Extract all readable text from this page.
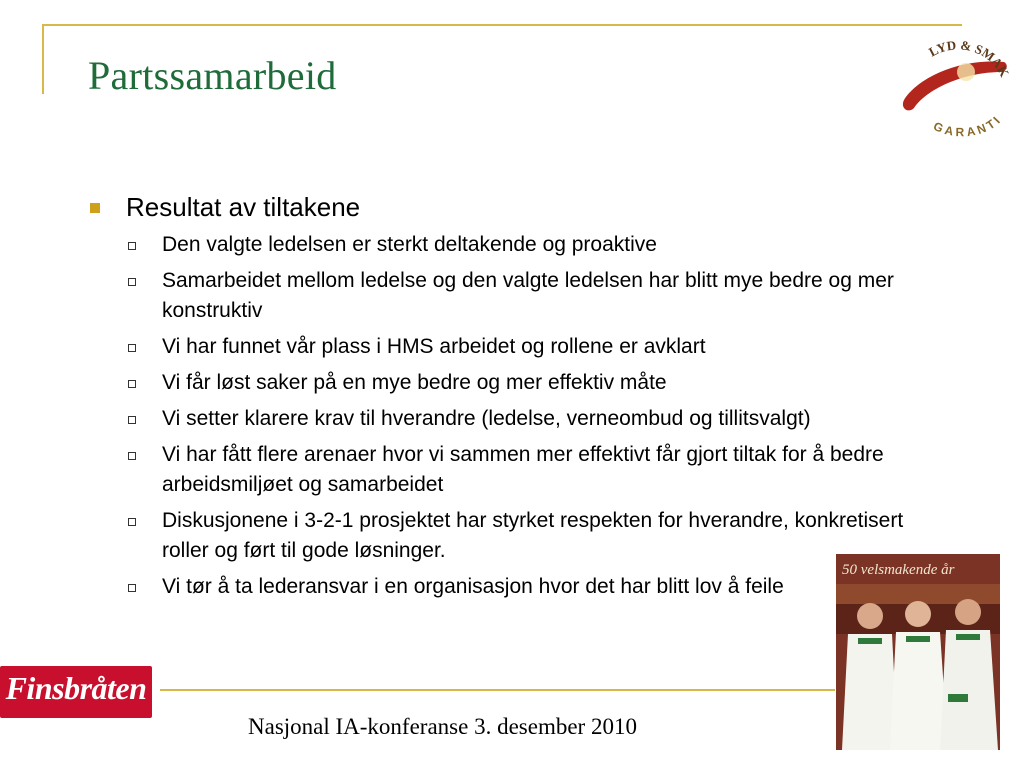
Partssamarbeid
LYD & SMAK
GARANTI
Resultat av tiltakene
Den valgte ledelsen er sterkt deltakende og proaktive
Samarbeidet mellom ledelse og den valgte ledelsen har blitt mye bedre og mer konstruktiv
Vi har funnet vår plass i HMS arbeidet og rollene er avklart
Vi får løst saker på en mye bedre og mer effektiv måte
Vi setter klarere krav til hverandre (ledelse, verneombud og tillitsvalgt)
Vi har fått flere arenaer hvor vi sammen mer effektivt får gjort tiltak for å bedre arbeidsmiljøet og samarbeidet
Diskusjonene i 3-2-1 prosjektet har styrket respekten for hverandre, konkretisert roller og ført til gode løsninger.
Vi tør å ta lederansvar i en organisasjon hvor det har blitt lov å feile
Finsbråten
Nasjonal IA-konferanse 3. desember 2010
50 velsmakende år
